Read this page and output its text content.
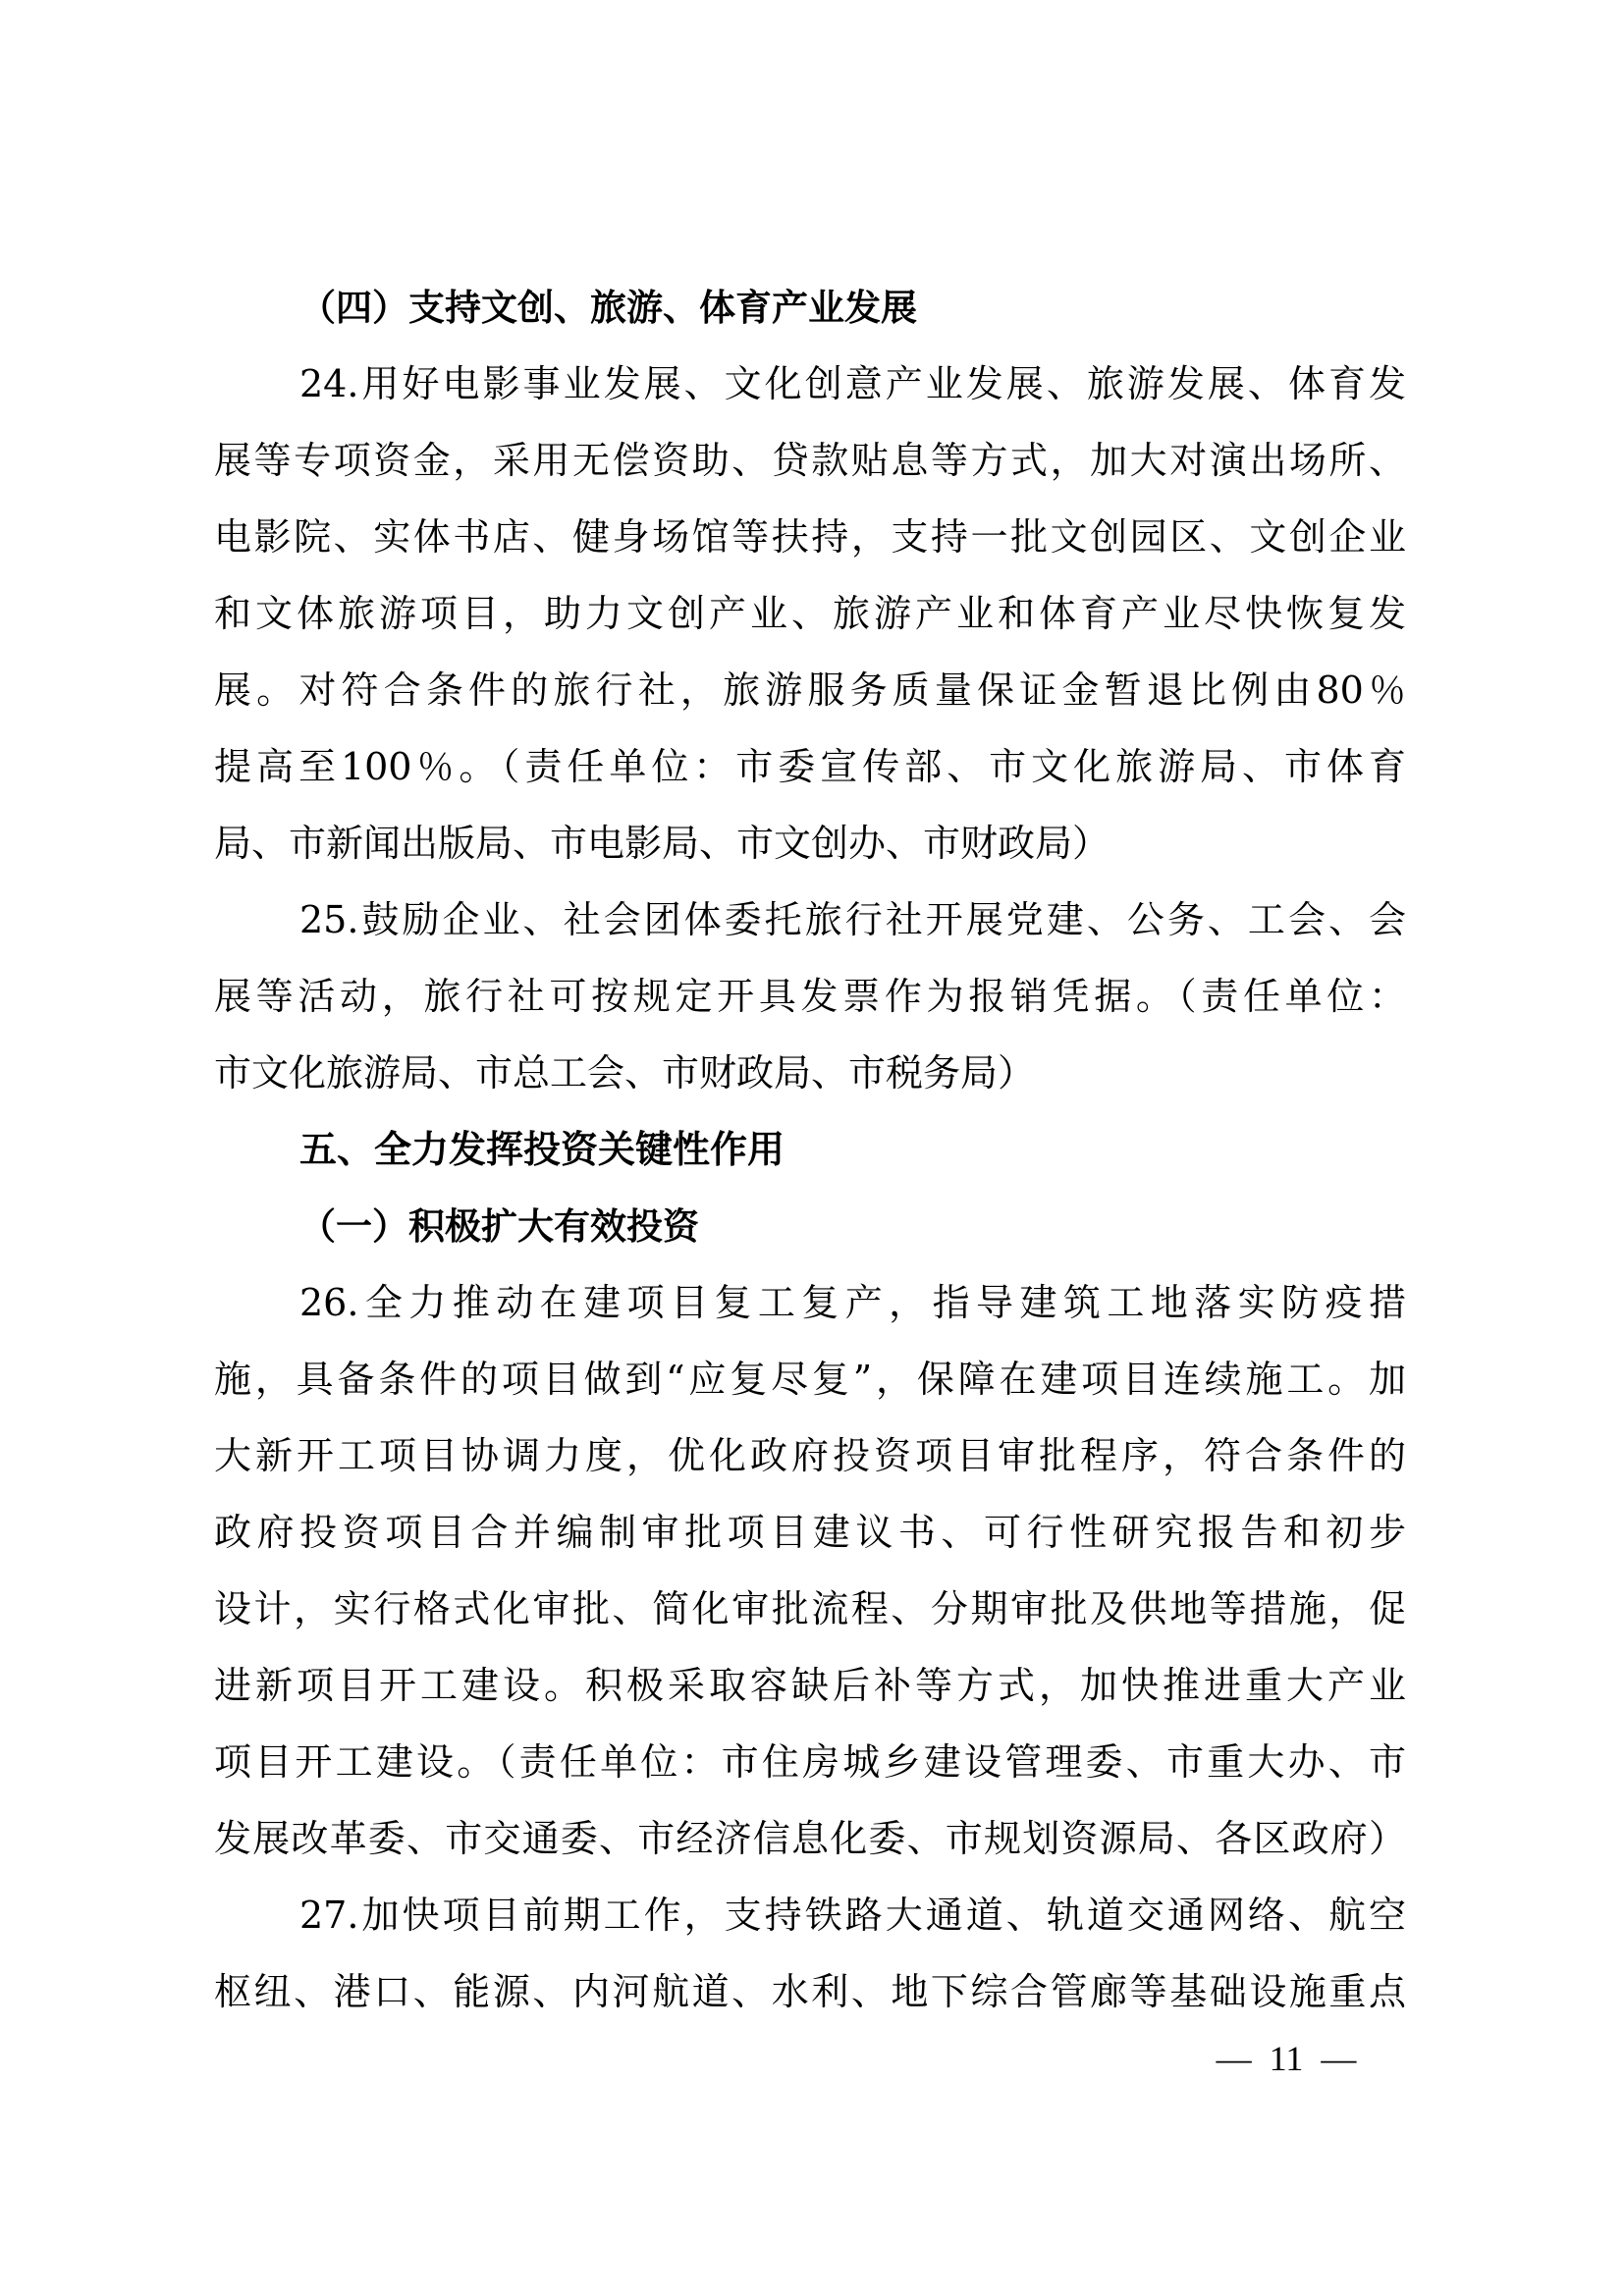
（四）支持文创、旅游、体育产业发展
24.用好电影事业发展、文化创意产业发展、旅游发展、体育发
展等专项资金，采用无偿资助、贷款贴息等方式，加大对演出场所、
电影院、实体书店、健身场馆等扶持，支持一批文创园区、文创企业
和文体旅游项目，助力文创产业、旅游产业和体育产业尽快恢复发
展。对符合条件的旅行社，旅游服务质量保证金暂退比例由80％
提高至100％。（责任单位：市委宣传部、市文化旅游局、市体育
局、市新闻出版局、市电影局、市文创办、市财政局）
25.鼓励企业、社会团体委托旅行社开展党建、公务、工会、会
展等活动，旅行社可按规定开具发票作为报销凭据。（责任单位：
市文化旅游局、市总工会、市财政局、市税务局）
五、全力发挥投资关键性作用
（一）积极扩大有效投资
26.全力推动在建项目复工复产，指导建筑工地落实防疫措
施，具备条件的项目做到“应复尽复”，保障在建项目连续施工。加
大新开工项目协调力度，优化政府投资项目审批程序，符合条件的
政府投资项目合并编制审批项目建议书、可行性研究报告和初步
设计，实行格式化审批、简化审批流程、分期审批及供地等措施，促
进新项目开工建设。积极采取容缺后补等方式，加快推进重大产业
项目开工建设。（责任单位：市住房城乡建设管理委、市重大办、市
发展改革委、市交通委、市经济信息化委、市规划资源局、各区政府）
27.加快项目前期工作，支持铁路大通道、轨道交通网络、航空
枢纽、港口、能源、内河航道、水利、地下综合管廊等基础设施重点
— 11 —
